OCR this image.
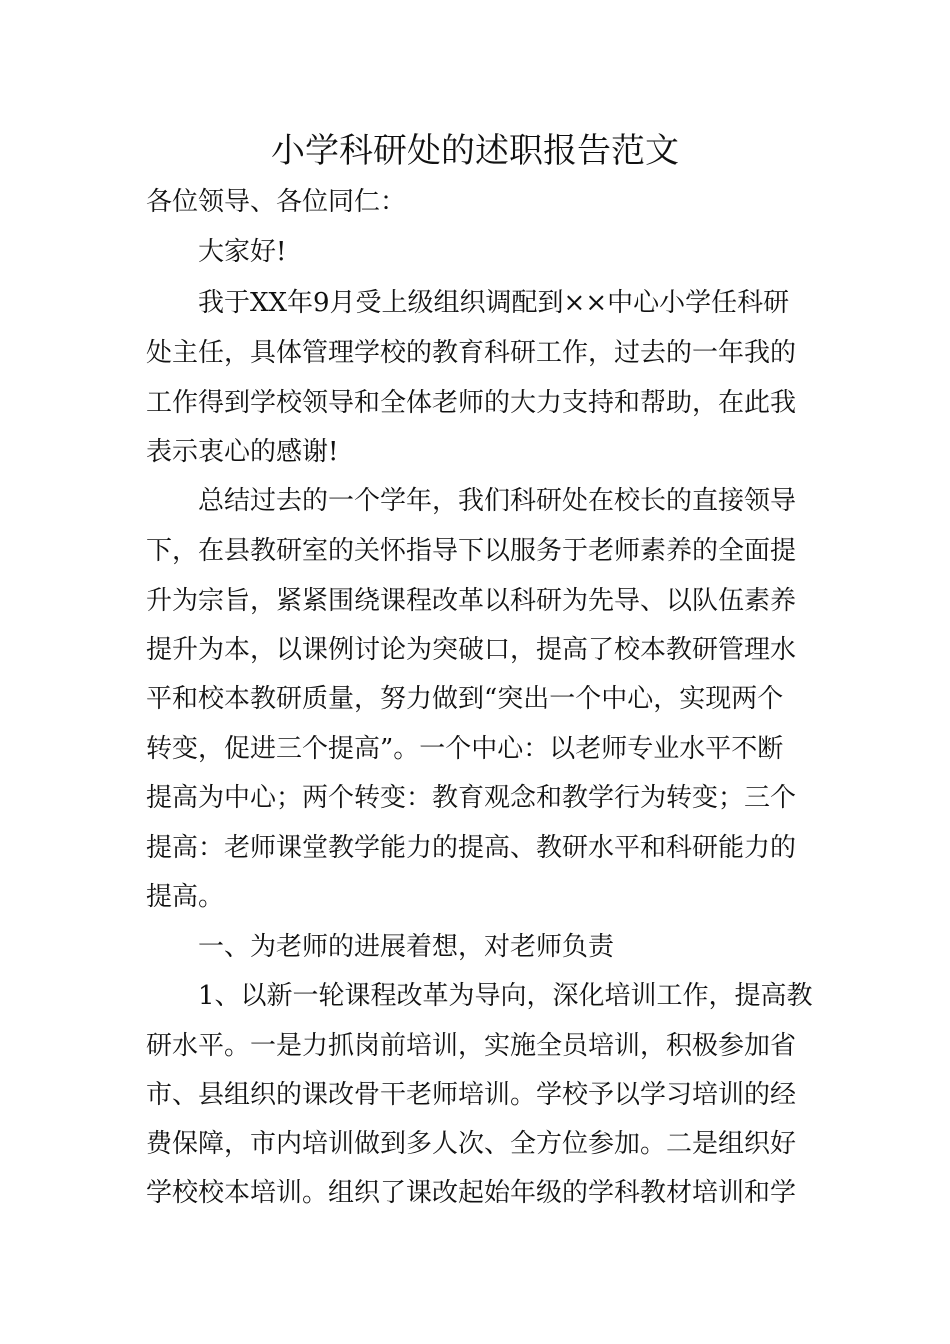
小学科研处的述职报告范文
各位领导、各位同仁：
大家好!
我于XX年9月受上级组织调配到××中心小学任科研
处主任，具体管理学校的教育科研工作，过去的一年我的
工作得到学校领导和全体老师的大力支持和帮助，在此我
表示衷心的感谢!
总结过去的一个学年，我们科研处在校长的直接领导
下，在县教研室的关怀指导下以服务于老师素养的全面提
升为宗旨，紧紧围绕课程改革以科研为先导、以队伍素养
提升为本，以课例讨论为突破口，提高了校本教研管理水
平和校本教研质量，努力做到“突出一个中心，实现两个
转变，促进三个提高”。一个中心：以老师专业水平不断
提高为中心；两个转变：教育观念和教学行为转变；三个
提高：老师课堂教学能力的提高、教研水平和科研能力的
提高。
一、为老师的进展着想，对老师负责
1、以新一轮课程改革为导向，深化培训工作，提高教
研水平。一是力抓岗前培训，实施全员培训，积极参加省
市、县组织的课改骨干老师培训。学校予以学习培训的经
费保障，市内培训做到多人次、全方位参加。二是组织好
学校校本培训。组织了课改起始年级的学科教材培训和学
